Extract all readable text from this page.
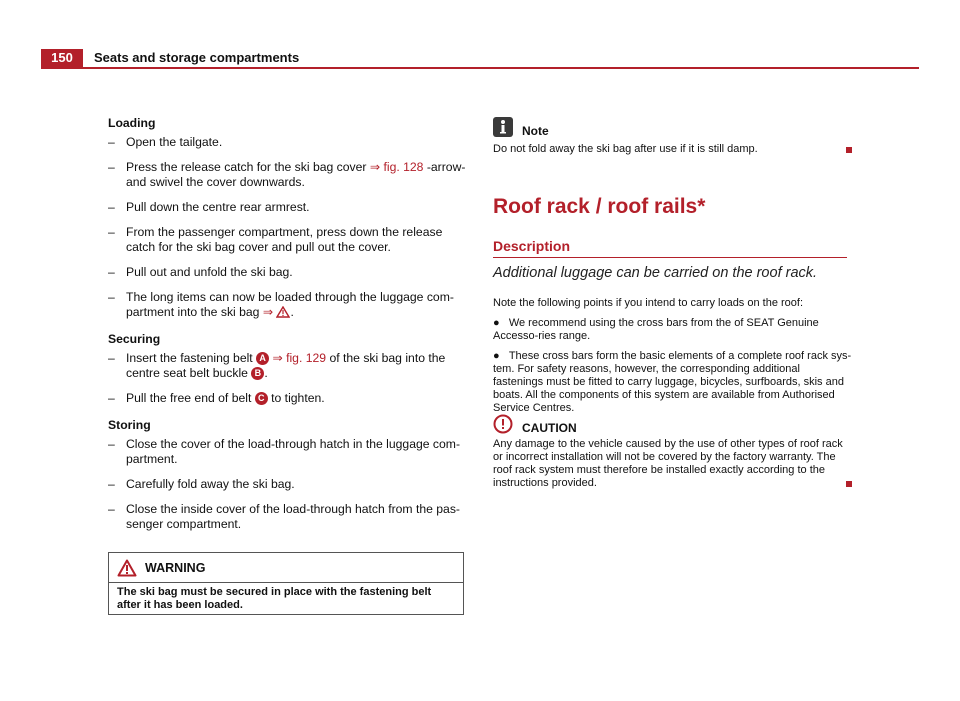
150	Seats and storage compartments
Loading
– Open the tailgate.
– Press the release catch for the ski bag cover ⇒ fig. 128 -arrow- and swivel the cover downwards.
– Pull down the centre rear armrest.
– From the passenger compartment, press down the release catch for the ski bag cover and pull out the cover.
– Pull out and unfold the ski bag.
– The long items can now be loaded through the luggage com-partment into the ski bag ⇒ .
Securing
– Insert the fastening belt A ⇒ fig. 129 of the ski bag into the centre seat belt buckle B .
– Pull the free end of belt C to tighten.
Storing
– Close the cover of the load-through hatch in the luggage com-partment.
– Carefully fold away the ski bag.
– Close the inside cover of the load-through hatch from the pas-senger compartment.
WARNING
The ski bag must be secured in place with the fastening belt after it has been loaded.
Note
Do not fold away the ski bag after use if it is still damp.
Roof rack / roof rails*
Description
Additional luggage can be carried on the roof rack.
Note the following points if you intend to carry loads on the roof:
●   We recommend using the cross bars from the of SEAT Genuine Accesso-ries range.
●   These cross bars form the basic elements of a complete roof rack sys-tem. For safety reasons, however, the corresponding additional fastenings must be fitted to carry luggage, bicycles, surfboards, skis and boats. All the components of this system are available from Authorised Service Centres.
CAUTION
Any damage to the vehicle caused by the use of other types of roof rack or incorrect installation will not be covered by the factory warranty. The roof rack system must therefore be installed exactly according to the instructions provided.
